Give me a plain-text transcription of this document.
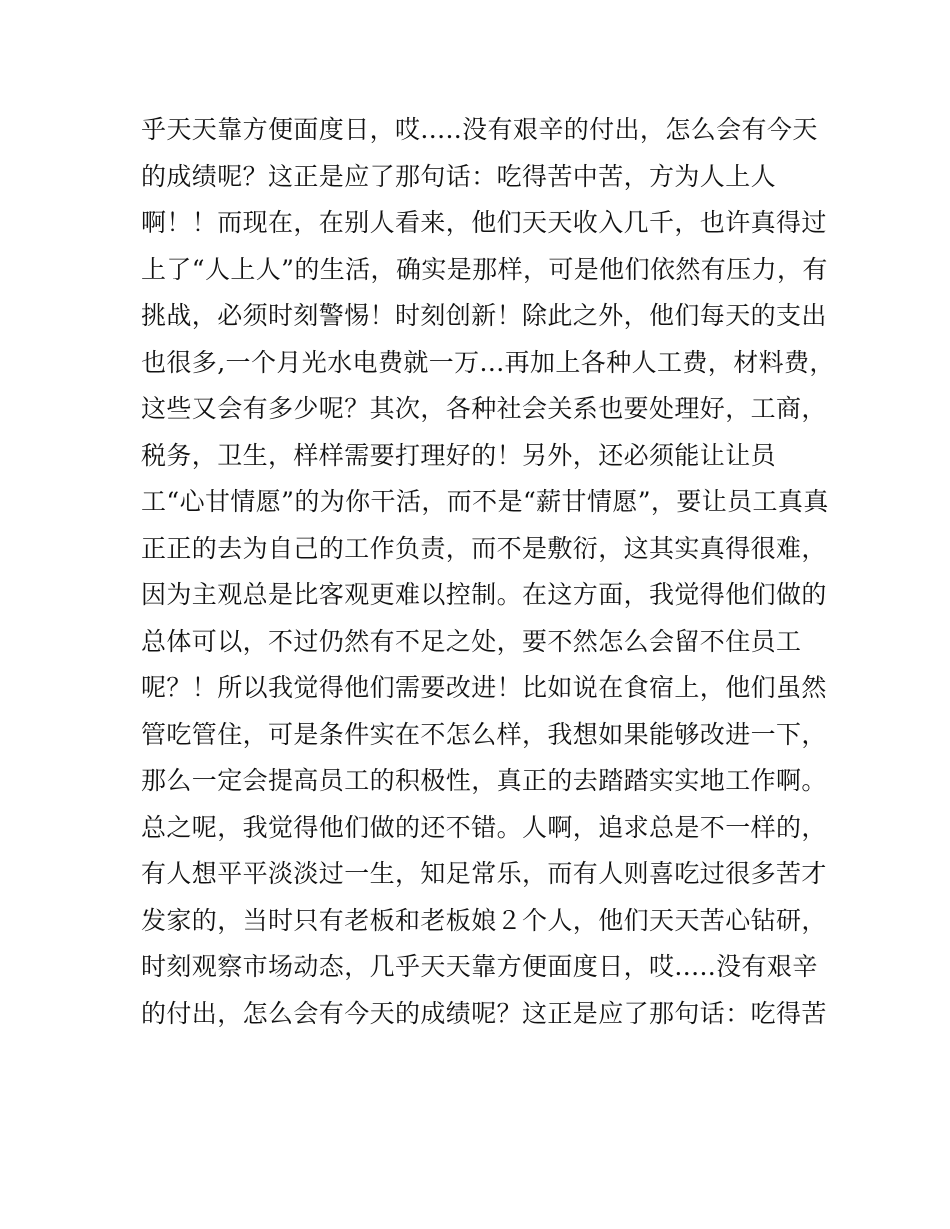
乎天天靠方便面度日，哎.....没有艰辛的付出，怎么会有今天
的成绩呢？这正是应了那句话：吃得苦中苦，方为人上人
啊！！而现在，在别人看来，他们天天收入几千，也许真得过
上了“人上人”的生活，确实是那样，可是他们依然有压力，有
挑战，必须时刻警惕！时刻创新！除此之外，他们每天的支出
也很多,一个月光水电费就一万...再加上各种人工费，材料费，
这些又会有多少呢？其次，各种社会关系也要处理好，工商，
税务，卫生，样样需要打理好的！另外，还必须能让让员
工“心甘情愿”的为你干活，而不是“薪甘情愿”，要让员工真真
正正的去为自己的工作负责，而不是敷衍，这其实真得很难，
因为主观总是比客观更难以控制。在这方面，我觉得他们做的
总体可以，不过仍然有不足之处，要不然怎么会留不住员工
呢？！所以我觉得他们需要改进！比如说在食宿上，他们虽然
管吃管住，可是条件实在不怎么样，我想如果能够改进一下，
那么一定会提高员工的积极性，真正的去踏踏实实地工作啊。
总之呢，我觉得他们做的还不错。人啊，追求总是不一样的，
有人想平平淡淡过一生，知足常乐，而有人则喜吃过很多苦才
发家的，当时只有老板和老板娘２个人，他们天天苦心钻研，
时刻观察市场动态，几乎天天靠方便面度日，哎.....没有艰辛
的付出，怎么会有今天的成绩呢？这正是应了那句话：吃得苦
